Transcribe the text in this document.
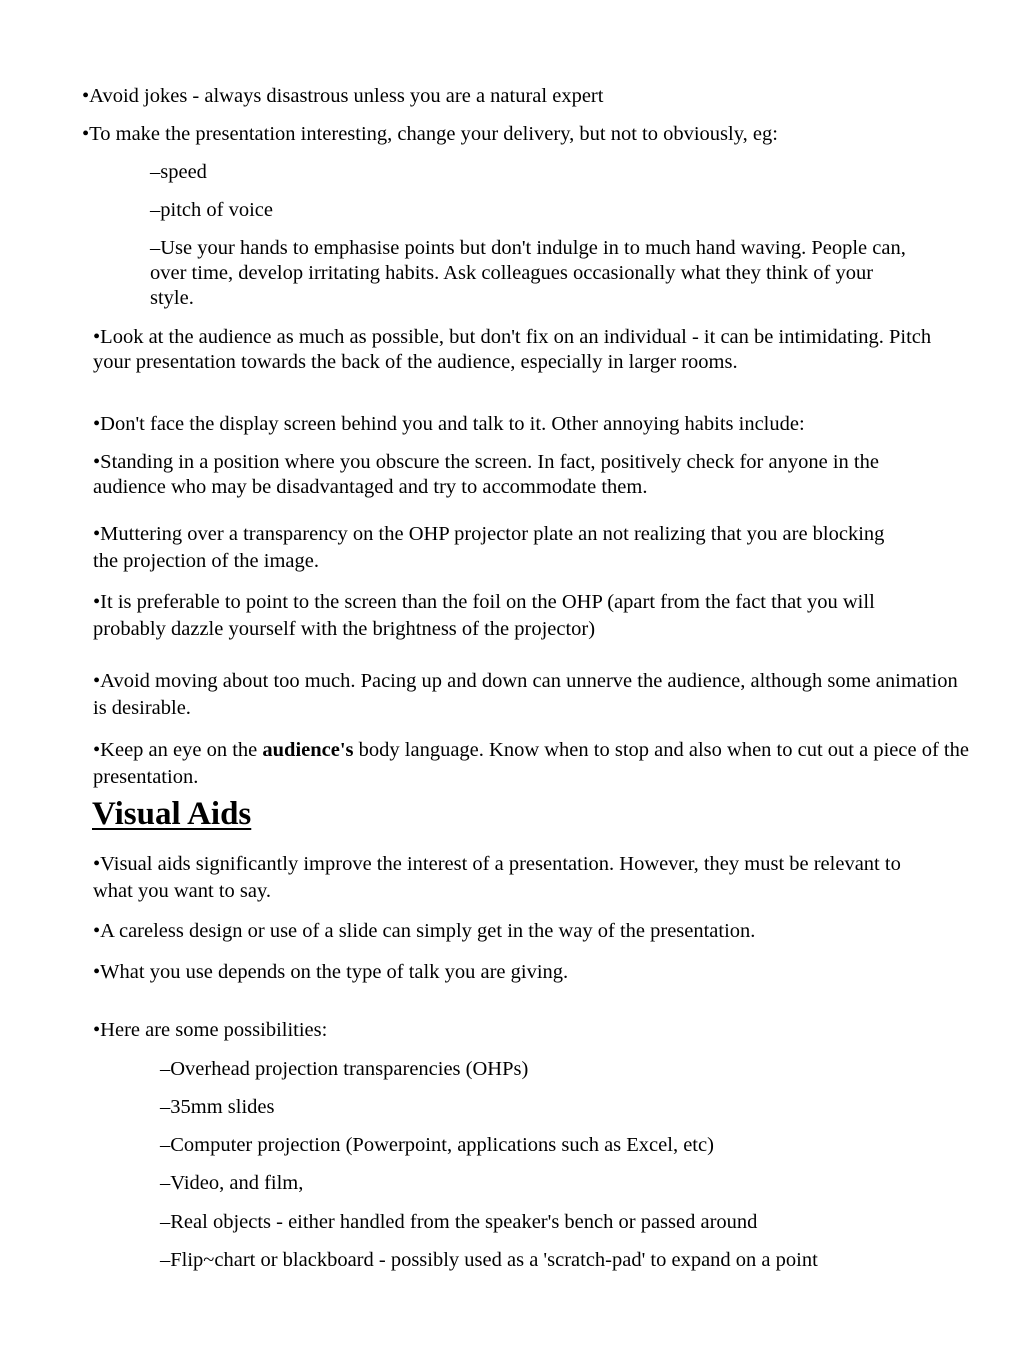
•Avoid jokes - always disastrous unless you are a natural expert

•To make the presentation interesting, change your delivery, but not to obviously, eg:

–speed

–pitch of voice

–Use your hands to emphasise points but don't indulge in to much hand waving. People can, over time, develop irritating habits. Ask colleagues occasionally what they think of your style.

•Look at the audience as much as possible, but don't fix on an individual - it can be intimidating. Pitch your presentation towards the back of the audience, especially in larger rooms.

•Don't face the display screen behind you and talk to it. Other annoying habits include:

•Standing in a position where you obscure the screen. In fact, positively check for anyone in the audience who may be disadvantaged and try to accommodate them.

•Muttering over a transparency on the OHP projector plate an not realizing that you are blocking the projection of the image.

•It is preferable to point to the screen than the foil on the OHP (apart from the fact that you will probably dazzle yourself with the brightness of the projector)

•Avoid moving about too much. Pacing up and down can unnerve the audience, although some animation is desirable.

•Keep an eye on the audience's body language. Know when to stop and also when to cut out a piece of the presentation.

Visual Aids

•Visual aids significantly improve the interest of a presentation. However, they must be relevant to what you want to say.

•A careless design or use of a slide can simply get in the way of the presentation.

•What you use depends on the type of talk you are giving.

•Here are some possibilities:

–Overhead projection transparencies (OHPs)

–35mm slides

–Computer projection (Powerpoint, applications such as Excel, etc)

–Video, and film,

–Real objects - either handled from the speaker's bench or passed around

–Flip~chart or blackboard - possibly used as a 'scratch-pad' to expand on a point
